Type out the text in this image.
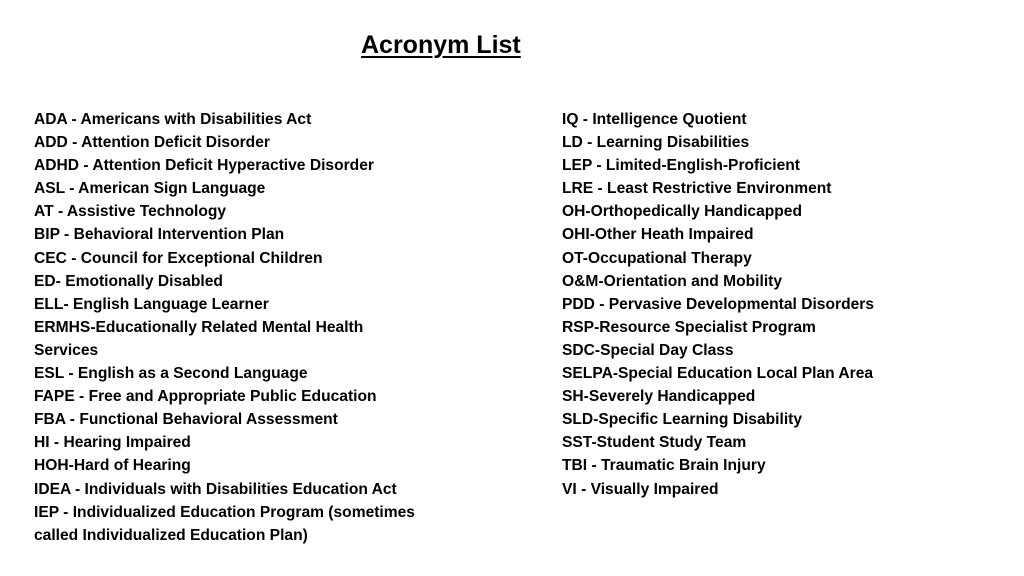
Acronym List
ADA - Americans with Disabilities Act
ADD - Attention Deficit Disorder
ADHD - Attention Deficit Hyperactive Disorder
ASL - American Sign Language
AT - Assistive Technology
BIP - Behavioral Intervention Plan
CEC - Council for Exceptional Children
ED- Emotionally Disabled
ELL- English Language Learner
ERMHS-Educationally Related Mental Health Services
ESL - English as a Second Language
FAPE - Free and Appropriate Public Education
FBA - Functional Behavioral Assessment
HI - Hearing Impaired
HOH-Hard of Hearing
IDEA - Individuals with Disabilities Education Act
IEP - Individualized Education Program (sometimes called Individualized Education Plan)
IQ - Intelligence Quotient
LD - Learning Disabilities
LEP - Limited-English-Proficient
LRE - Least Restrictive Environment
OH-Orthopedically Handicapped
OHI-Other Heath Impaired
OT-Occupational Therapy
O&M-Orientation and Mobility
PDD - Pervasive Developmental Disorders
RSP-Resource Specialist Program
SDC-Special Day Class
SELPA-Special Education Local Plan Area
SH-Severely Handicapped
SLD-Specific Learning Disability
SST-Student Study Team
TBI - Traumatic Brain Injury
VI - Visually Impaired
